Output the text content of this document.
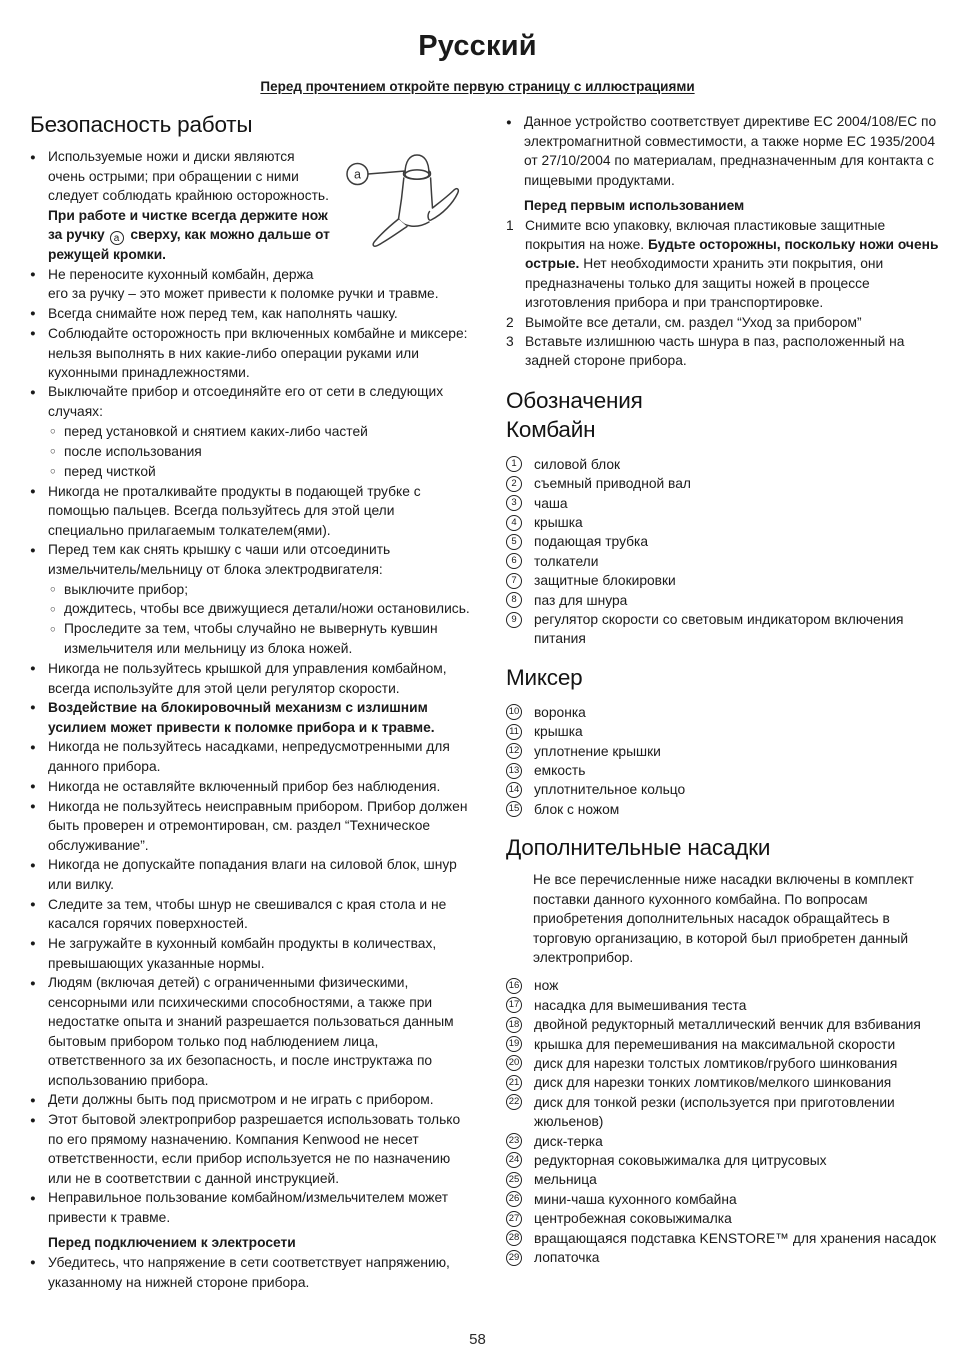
Русский
Перед прочтением откройте первую страницу с иллюстрациями
Безопасность работы
a
● Используемые ножи и диски являются очень острыми; при обращении с ними следует соблюдать крайнюю осторожность. При работе и чистке всегда держите нож за ручку a сверху, как можно дальше от режущей кромки.
● Не переносите кухонный комбайн, держа его за ручку – это может привести к поломке ручки и травме.
● Всегда снимайте нож перед тем, как наполнять чашку.
● Соблюдайте осторожность при включенных комбайне и миксере: нельзя выполнять в них какие-либо операции руками или кухонными принадлежностями.
● Выключайте прибор и отсоединяйте его от сети в следующих случаях:
○ перед установкой и снятием каких-либо частей
○ после использования
○ перед чисткой
● Никогда не проталкивайте продукты в подающей трубке с помощью пальцев. Всегда пользуйтесь для этой цели специально прилагаемым толкателем(ями).
● Перед тем как снять крышку с чаши или отсоединить измельчитель/мельницу от блока электродвигателя:
○ выключите прибор;
○ дождитесь, чтобы все движущиеся детали/ножи остановились.
○ Проследите за тем, чтобы случайно не вывернуть кувшин измельчителя или мельницу из блока ножей.
● Никогда не пользуйтесь крышкой для управления комбайном, всегда используйте для этой цели регулятор скорости.
● Воздействие на блокировочный механизм с излишним усилием может привести к поломке прибора и к травме.
● Никогда не пользуйтесь насадками, непредусмотренными для данного прибора.
● Никогда не оставляйте включенный прибор без наблюдения.
● Никогда не пользуйтесь неисправным прибором. Прибор должен быть проверен и отремонтирован, см. раздел “Техническое обслуживание”.
● Никогда не допускайте попадания влаги на силовой блок, шнур или вилку.
● Следите за тем, чтобы шнур не свешивался с края стола и не касался горячих поверхностей.
● Не загружайте в кухонный комбайн продукты в количествах, превышающих указанные нормы.
● Людям (включая детей) с ограниченными физическими, сенсорными или психическими способностями, а также при недостатке опыта и знаний разрешается пользоваться данным бытовым прибором только под наблюдением лица, ответственного за их безопасность, и после инструктажа по использованию прибора.
● Дети должны быть под присмотром и не играть с прибором.
● Этот бытовой электроприбор разрешается использовать только по его прямому назначению. Компания Kenwood не несет ответственности, если прибор используется не по назначению или не в соответствии с данной инструкцией.
● Неправильное пользование комбайном/измельчителем может привести к травме.
Перед подключением к электросети
● Убедитесь, что напряжение в сети соответствует напряжению, указанному на нижней стороне прибора.
● Данное устройство соответствует директиве ЕС 2004/108/EC по электромагнитной совместимости, а также норме ЕС 1935/2004 от 27/10/2004 по материалам, предназначенным для контакта с пищевыми продуктами.
Перед первым использованием
1 Снимите всю упаковку, включая пластиковые защитные покрытия на ноже. Будьте осторожны, поскольку ножи очень острые. Нет необходимости хранить эти покрытия, они предназначены только для защиты ножей в процессе изготовления прибора и при транспортировке.
2 Вымойте все детали, см. раздел “Уход за прибором”
3 Вставьте излишнюю часть шнура в паз, расположенный на задней стороне прибора.
Обозначения
Комбайн
1	силовой блок
2	съемный приводной вал
3	чаша
4	крышка
5	подающая трубка
6	толкатели
7	защитные блокировки
8	паз для шнура
9	регулятор скорости со световым индикатором включения питания
Миксер
10 воронка
11 крышка
12 уплотнение крышки
13 емкость
14 уплотнительное кольцо
15 блок с ножом
Дополнительные насадки

Не все перечисленные ниже насадки включены в комплект поставки данного кухонного комбайна. По вопросам приобретения дополнительных насадок обращайтесь в торговую организацию, в которой был приобретен данный электроприбор.

16 нож
17 насадка для вымешивания теста
18 двойной редукторный металлический венчик для взбивания
19 крышка для перемешивания на максимальной скорости
20 диск для нарезки толстых ломтиков/грубого шинкования
21 диск для нарезки тонких ломтиков/мелкого шинкования
22 диск для тонкой резки (используется при приготовлении жюльенов)
23 диск-терка
24 редукторная соковыжималка для цитрусовых
25 мельница
26 мини-чаша кухонного комбайна
27 центробежная соковыжималка
28 вращающаяся подставка KENSTORE™ для хранения насадок
29 лопаточка
58
